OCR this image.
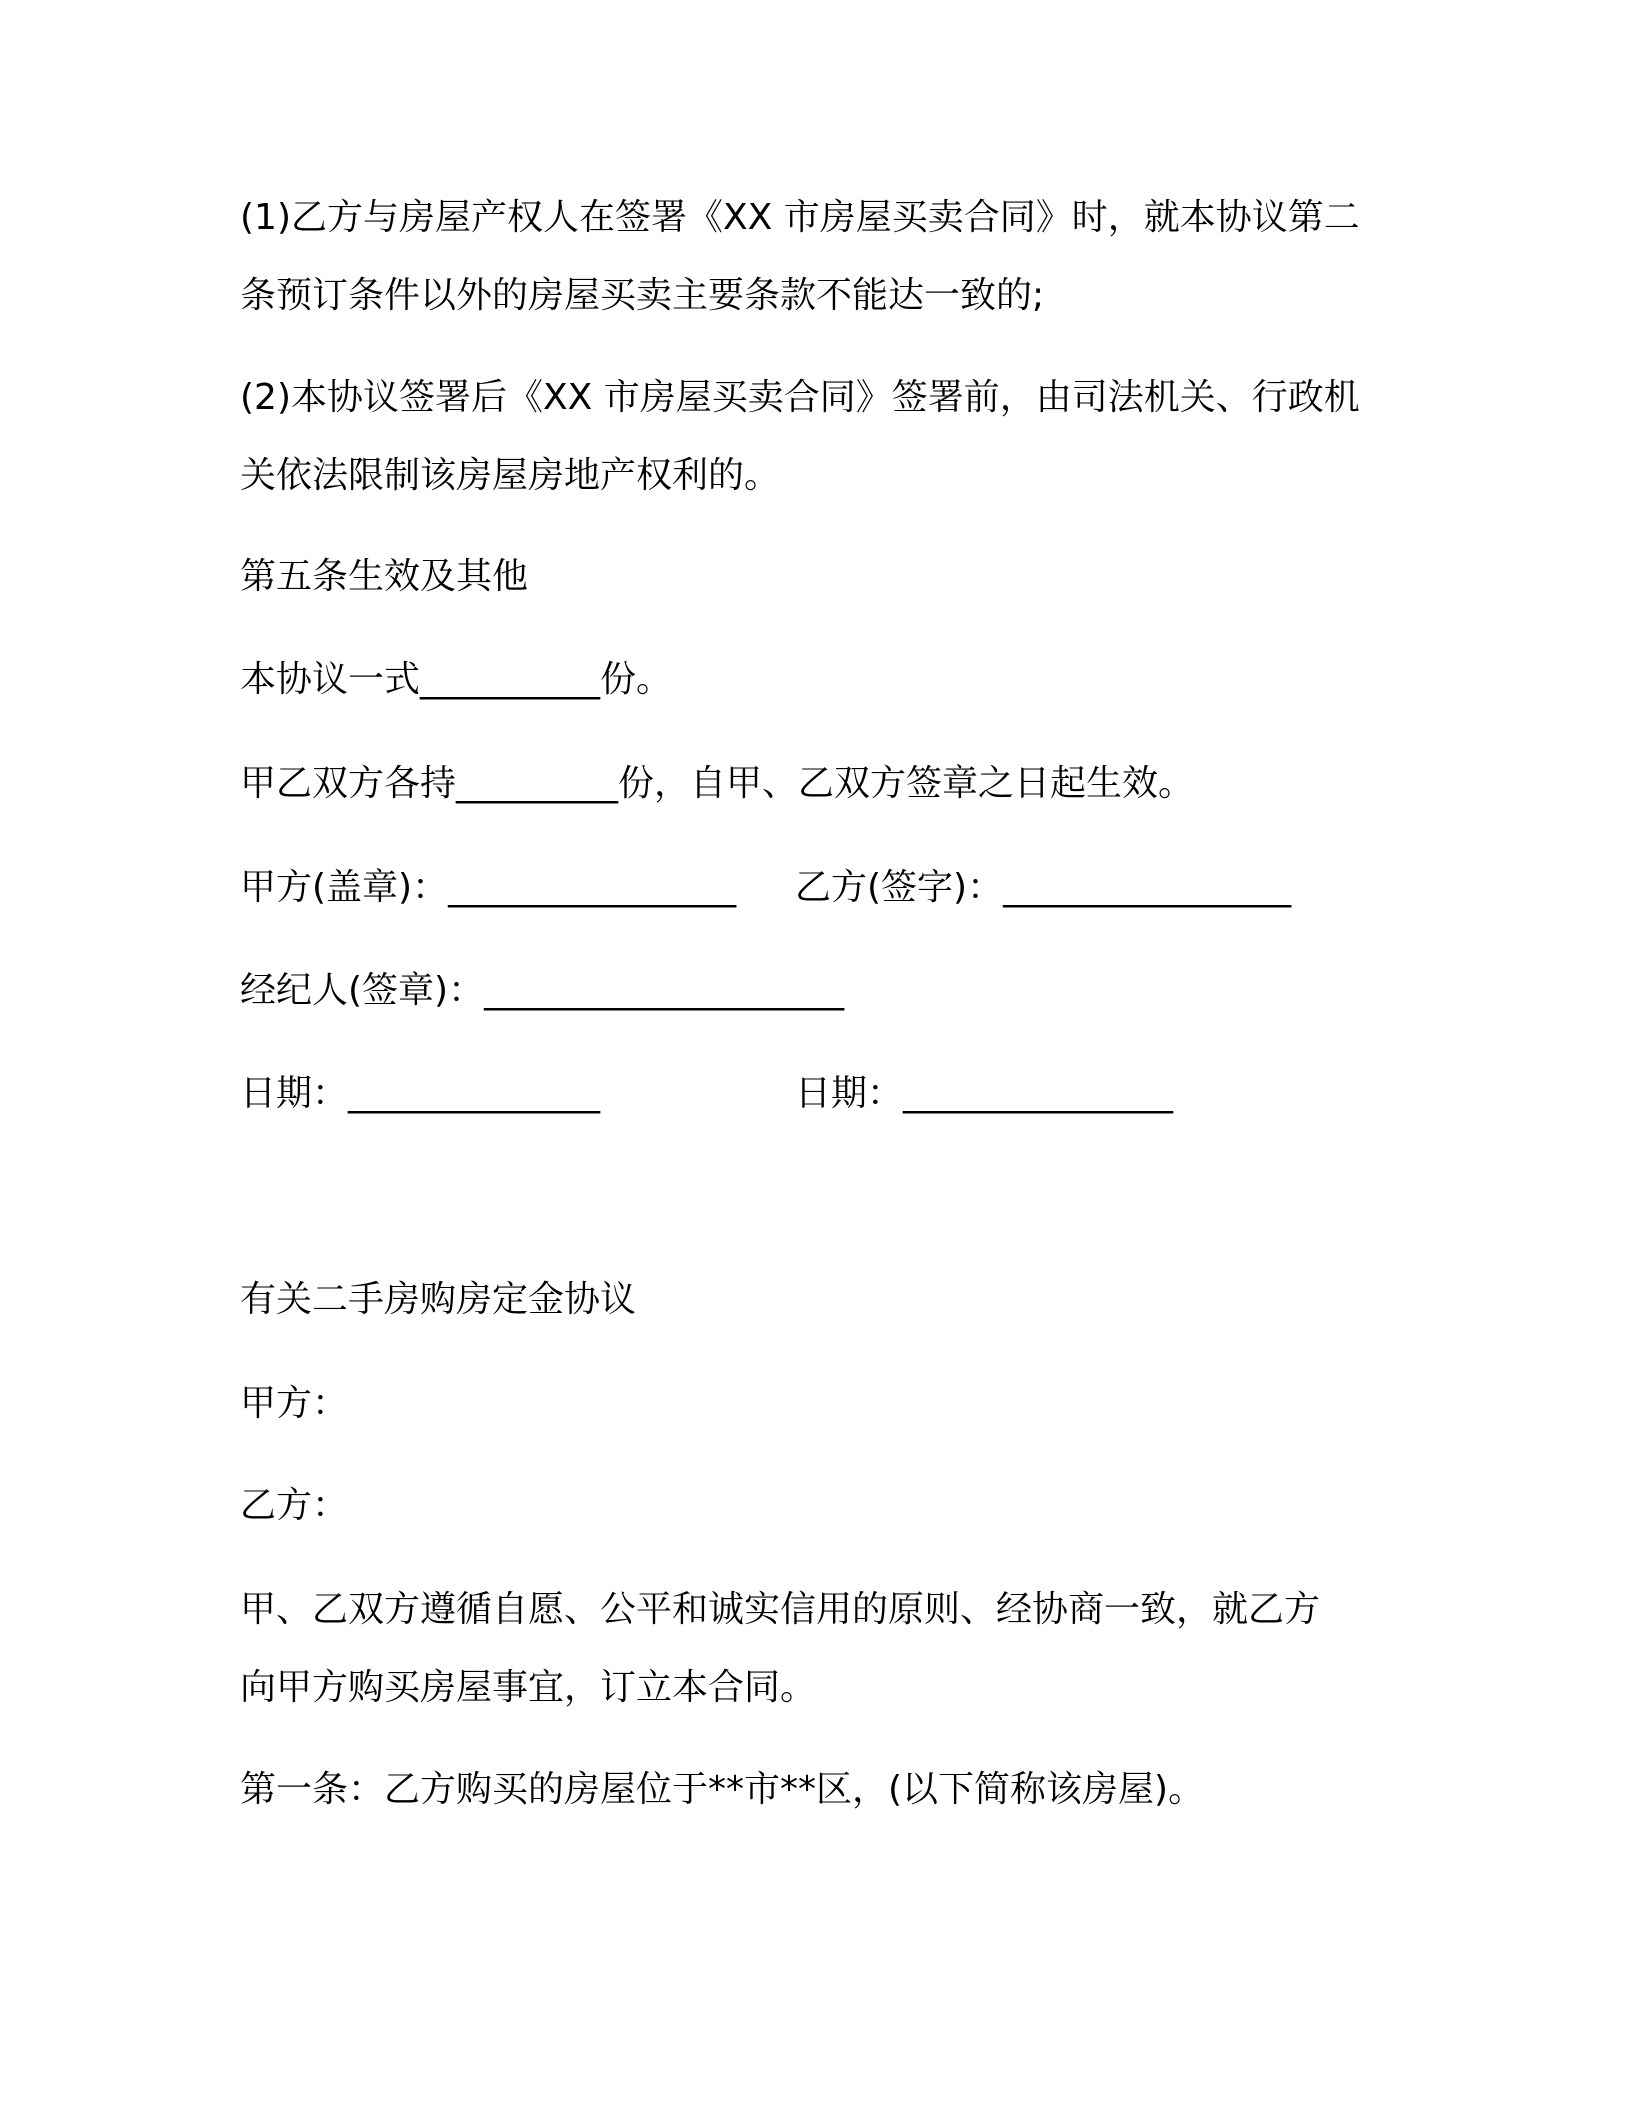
(1)乙方与房屋产权人在签署《XX 市房屋买卖合同》时，就本协议第二
条预订条件以外的房屋买卖主要条款不能达一致的;
(2)本协议签署后《XX 市房屋买卖合同》签署前，由司法机关、行政机
关依法限制该房屋房地产权利的。
第五条生效及其他
本协议一式__________份。
甲乙双方各持_________份，自甲、乙双方签章之日起生效。
甲方(盖章)：________________ 乙方(签字)：________________
经纪人(签章)：____________________
日期：______________	日期：_______________
有关二手房购房定金协议
甲方：
乙方：
甲、乙双方遵循自愿、公平和诚实信用的原则、经协商一致，就乙方
向甲方购买房屋事宜，订立本合同。
第一条：乙方购买的房屋位于**市**区，(以下简称该房屋)。
